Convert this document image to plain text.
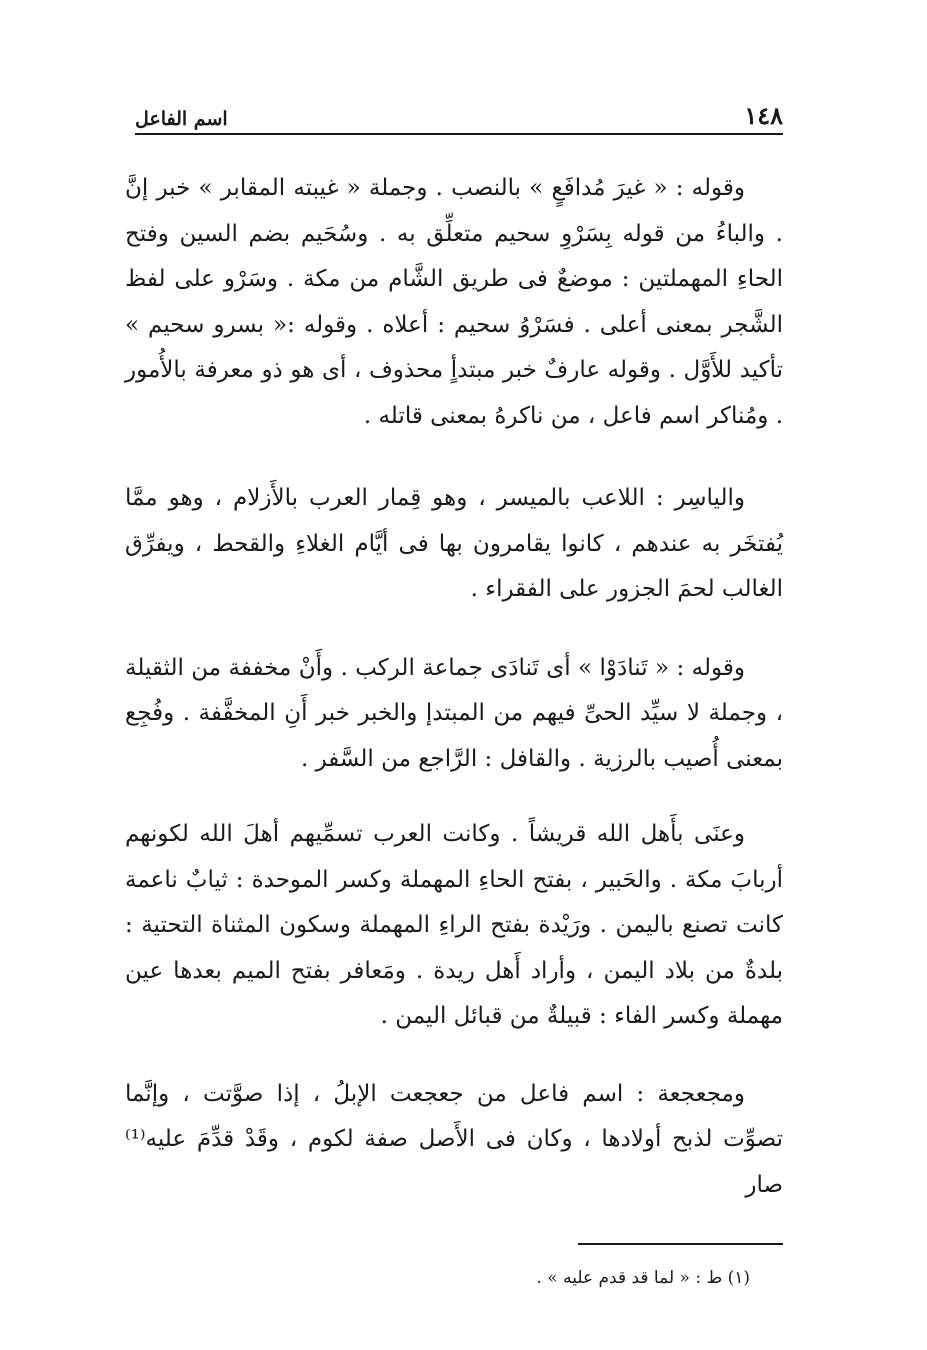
١٤٨
اسم الفاعل

وقوله : « غيرَ مُدافَعٍ » بالنصب . وجملة « غيبته المقابر » خبر إنَّ . والباءُ من قوله بِسَرْوِ سحيم متعلِّق به . وسُحَيم بضم السين وفتح الحاءِ المهملتين : موضعٌ فى طريق الشَّام من مكة . وسَرْو على لفظ الشَّجر بمعنى أعلى . فسَرْوُ سحيم : أعلاه . وقوله :« بسرو سحيم » تأكيد للأَوَّل . وقوله عارفٌ خبر مبتدأٍ محذوف ، أى هو ذو معرفة بالأُمور . ومُناكر اسم فاعل ، من ناكرهُ بمعنى قاتله .

والياسِر : اللاعب بالميسر ، وهو قِمار العرب بالأَزلام ، وهو ممَّا يُفتخَر به عندهم ، كانوا يقامرون بها فى أيَّام الغلاءِ والقحط ، ويفرِّق الغالب لحمَ الجزور على الفقراء .

وقوله : « تَنادَوْا » أى تَنادَى جماعة الركب . وأَنْ مخففة من الثقيلة ، وجملة لا سيِّد الحىِّ فيهم من المبتدإ والخبر خبر أَنِ المخفَّفة . وفُجِع بمعنى أُصيب بالرزية . والقافل : الرَّاجع من السَّفر .

وعنَى بأَهل الله قريشاً . وكانت العرب تسمِّيهم أهلَ الله لكونهم أربابَ مكة . والحَبير ، بفتح الحاءِ المهملة وكسر الموحدة : ثيابٌ ناعمة كانت تصنع باليمن . ورَيْدة بفتح الراءِ المهملة وسكون المثناة التحتية : بلدةٌ من بلاد اليمن ، وأراد أَهل ريدة . ومَعافر بفتح الميم بعدها عين مهملة وكسر الفاء : قبيلةٌ من قبائل اليمن .

ومجعجعة : اسم فاعل من جعجعت الإبلُ ، إذا صوَّتت ، وإنَّما تصوِّت لذبح أولادها ، وكان فى الأَصل صفة لكوم ، وقَدْ قدِّمَ عليه⁽¹⁾ صار

(١) ط : « لما قد قدم عليه » .
